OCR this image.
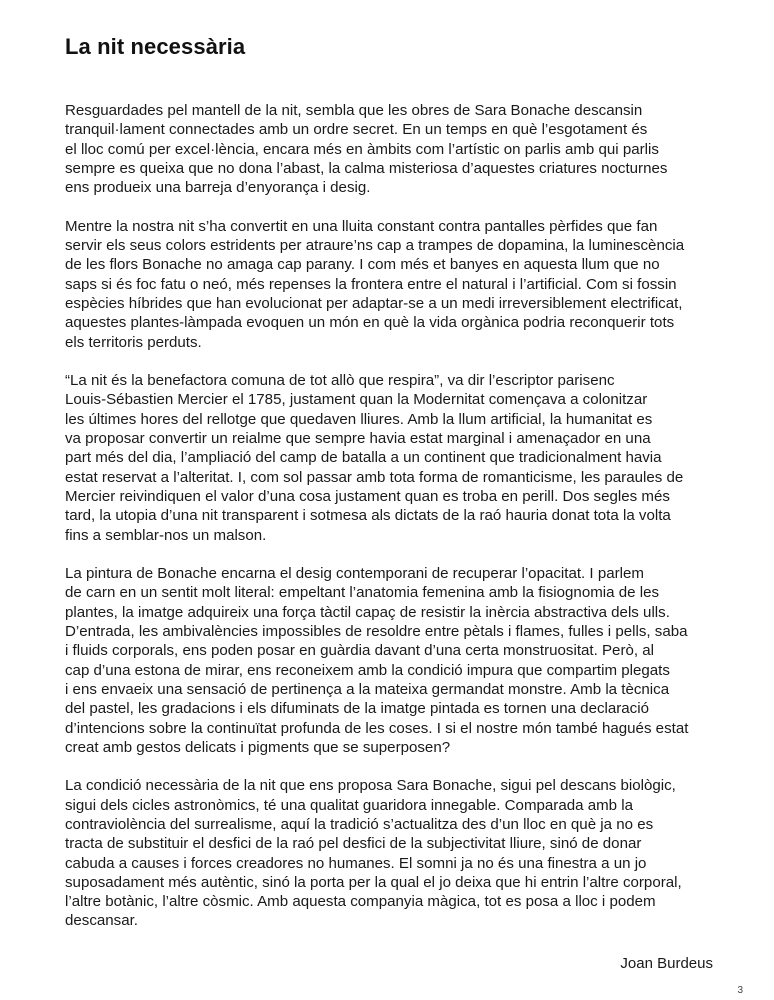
La nit necessària
Resguardades pel mantell de la nit, sembla que les obres de Sara Bonache descansin
tranquil·lament connectades amb un ordre secret. En un temps en què l’esgotament és
el lloc comú per excel·lència, encara més en àmbits com l’artístic on parlis amb qui parlis
sempre es queixa que no dona l’abast, la calma misteriosa d’aquestes criatures nocturnes
ens produeix una barreja d’enyorança i desig.
Mentre la nostra nit s’ha convertit en una lluita constant contra pantalles pèrfides que fan
servir els seus colors estridents per atraure’ns cap a trampes de dopamina, la luminescència
de les flors Bonache no amaga cap parany. I com més et banyes en aquesta llum que no
saps si és foc fatu o neó, més repenses la frontera entre el natural i l’artificial. Com si fossin
espècies híbrides que han evolucionat per adaptar-se a un medi irreversiblement electrificat,
aquestes plantes-làmpada evoquen un món en què la vida orgànica podria reconquerir tots
els territoris perduts.
“La nit és la benefactora comuna de tot allò que respira”, va dir l’escriptor parisenc
Louis-Sébastien Mercier el 1785, justament quan la Modernitat començava a colonitzar
les últimes hores del rellotge que quedaven lliures. Amb la llum artificial, la humanitat es
va proposar convertir un reialme que sempre havia estat marginal i amenaçador en una
part més del dia, l’ampliació del camp de batalla a un continent que tradicionalment havia
estat reservat a l’alteritat. I, com sol passar amb tota forma de romanticisme, les paraules de
Mercier reivindiquen el valor d’una cosa justament quan es troba en perill. Dos segles més
tard, la utopia d’una nit transparent i sotmesa als dictats de la raó hauria donat tota la volta
fins a semblar-nos un malson.
La pintura de Bonache encarna el desig contemporani de recuperar l’opacitat. I parlem
de carn en un sentit molt literal: empeltant l’anatomia femenina amb la fisiognomia de les
plantes, la imatge adquireix una força tàctil capaç de resistir la inèrcia abstractiva dels ulls.
D’entrada, les ambivalències impossibles de resoldre entre pètals i flames, fulles i pells, saba
i fluids corporals, ens poden posar en guàrdia davant d’una certa monstruositat. Però, al
cap d’una estona de mirar, ens reconeixem amb la condició impura que compartim plegats
i ens envaeix una sensació de pertinença a la mateixa germandat monstre. Amb la tècnica
del pastel, les gradacions i els difuminats de la imatge pintada es tornen una declaració
d’intencions sobre la continuïtat profunda de les coses. I si el nostre món també hagués estat
creat amb gestos delicats i pigments que se superposen?
La condició necessària de la nit que ens proposa Sara Bonache, sigui pel descans biològic,
sigui dels cicles astronòmics, té una qualitat guaridora innegable. Comparada amb la
contraviolència del surrealisme, aquí la tradició s’actualitza des d’un lloc en què ja no es
tracta de substituir el desfici de la raó pel desfici de la subjectivitat lliure, sinó de donar
cabuda a causes i forces creadores no humanes. El somni ja no és una finestra a un jo
suposadament més autèntic, sinó la porta per la qual el jo deixa que hi entrin l’altre corporal,
l’altre botànic, l’altre còsmic. Amb aquesta companyia màgica, tot es posa a lloc i podem
descansar.
Joan Burdeus
3
